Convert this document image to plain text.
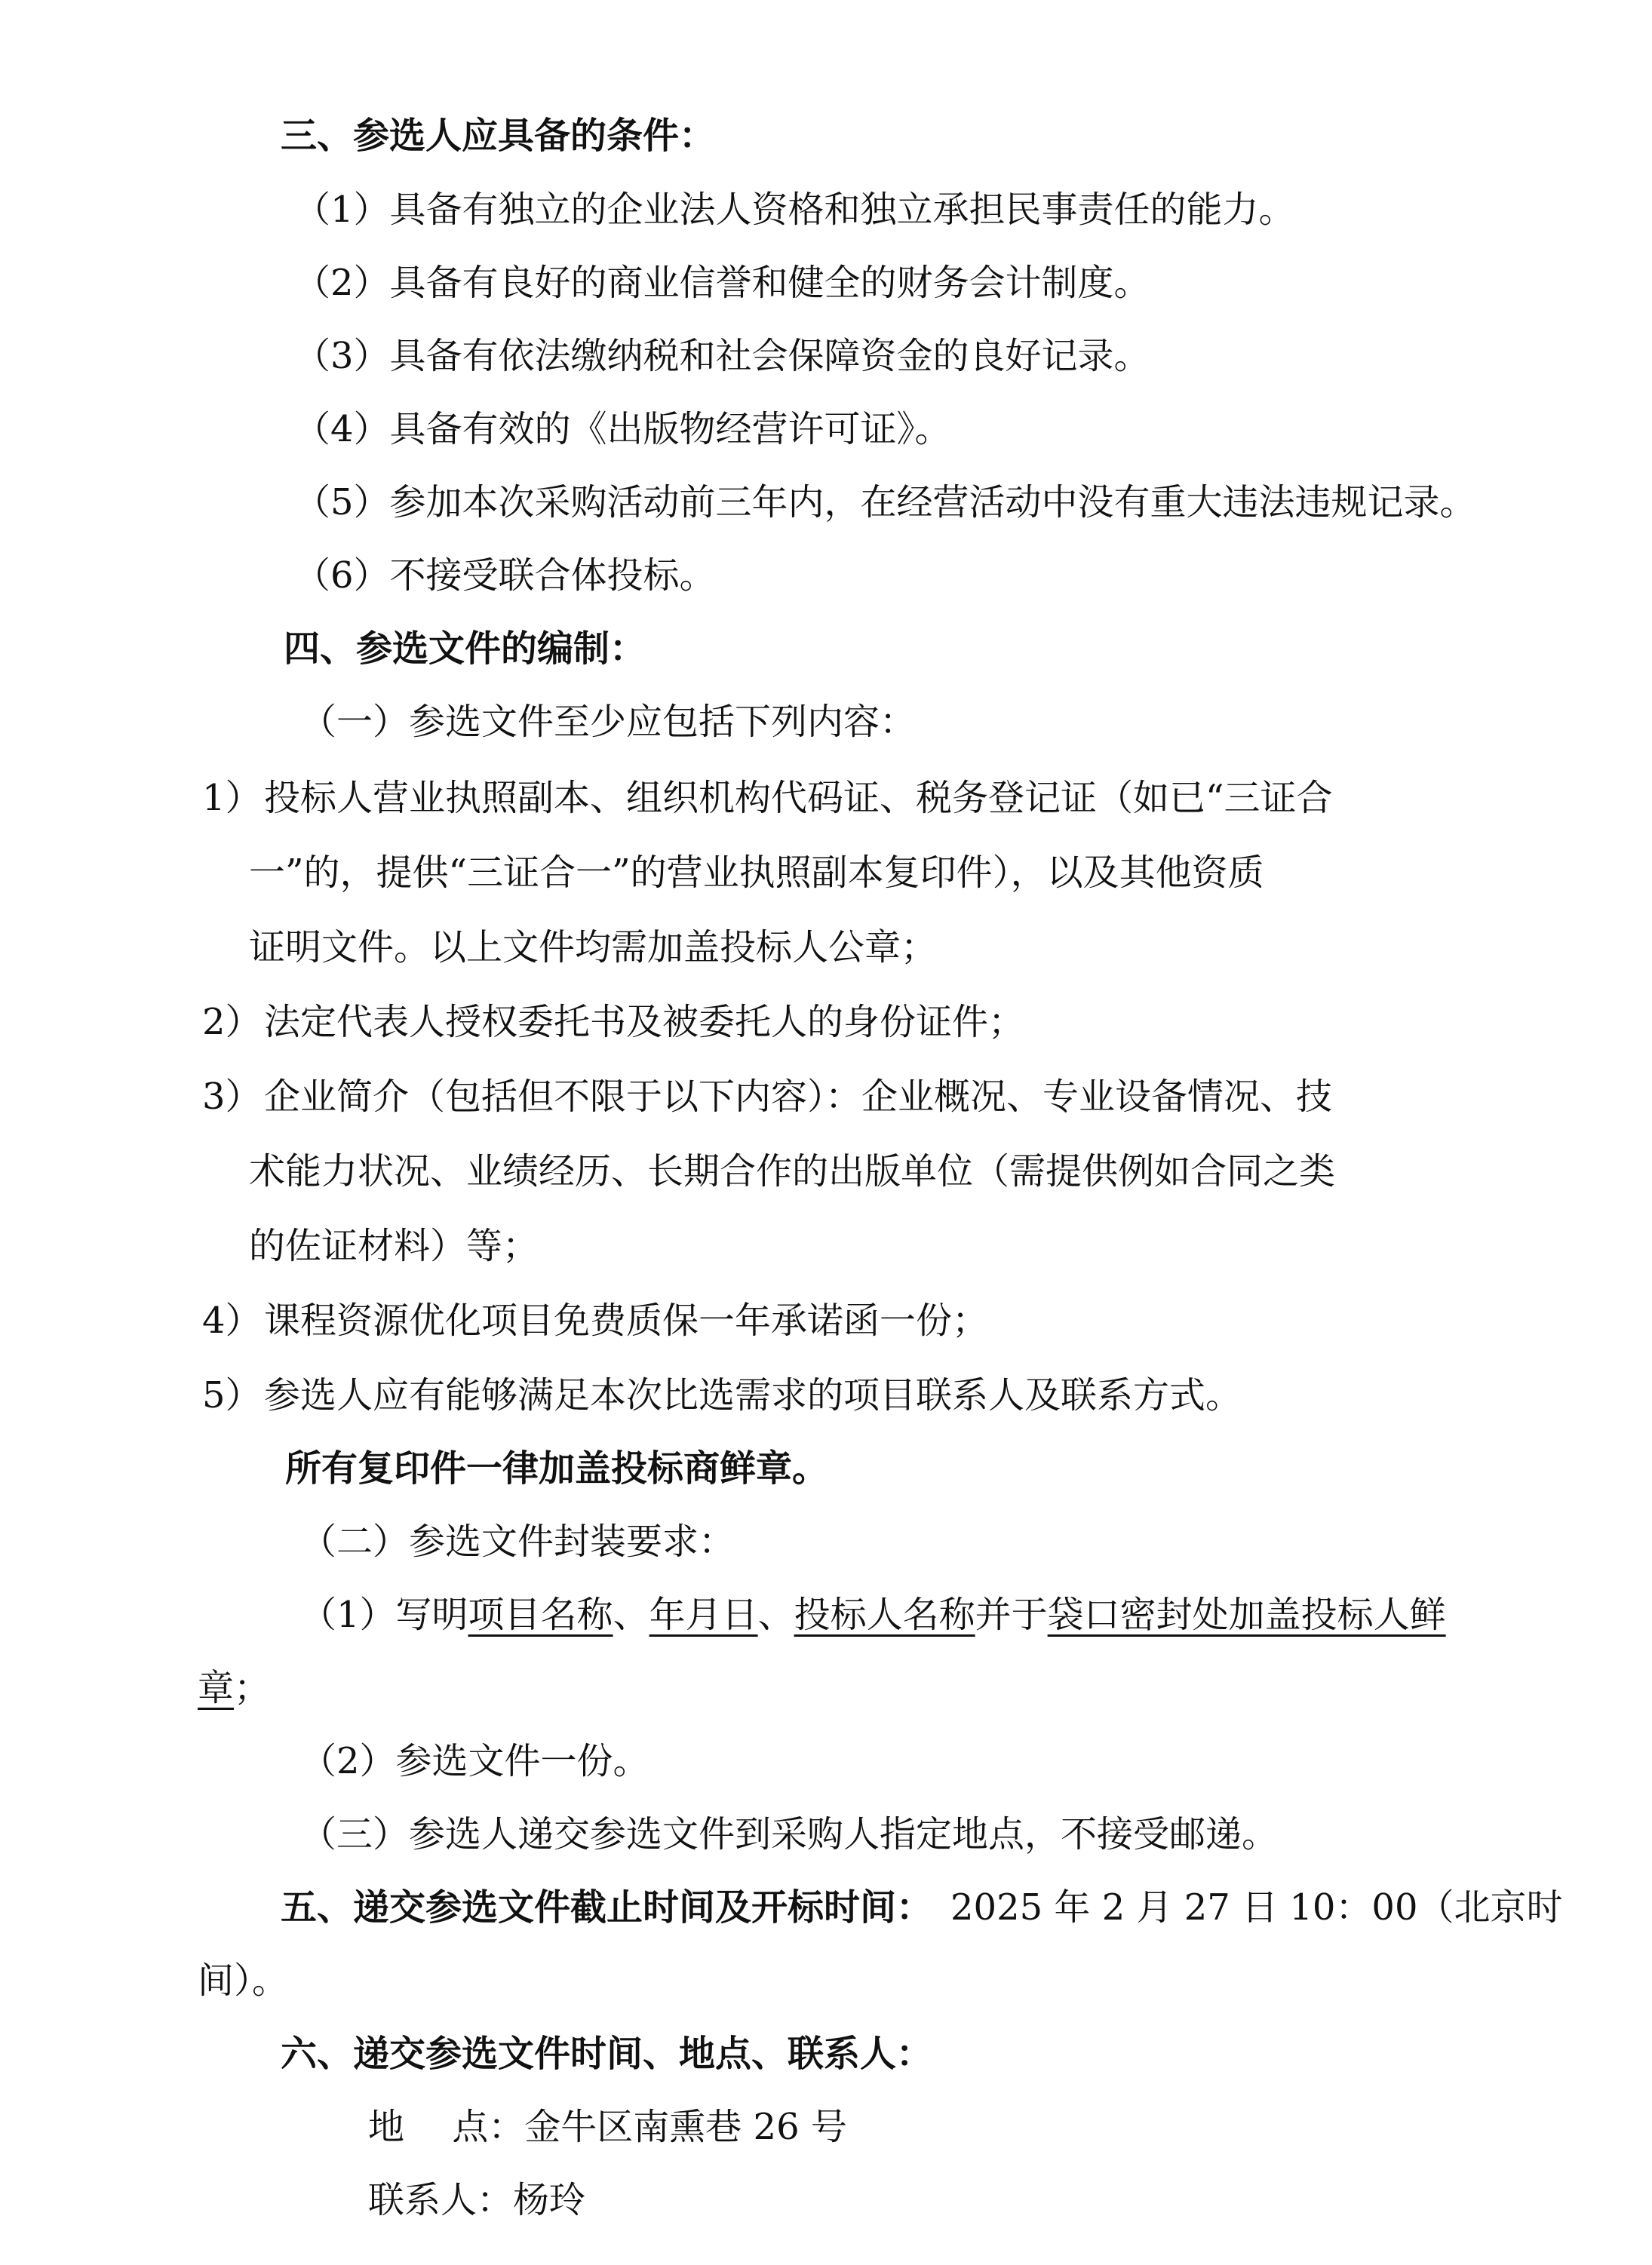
三、参选人应具备的条件：
（1）具备有独立的企业法人资格和独立承担民事责任的能力。
（2）具备有良好的商业信誉和健全的财务会计制度。
（3）具备有依法缴纳税和社会保障资金的良好记录。
（4）具备有效的《出版物经营许可证》。
（5）参加本次采购活动前三年内，在经营活动中没有重大违法违规记录。
（6）不接受联合体投标。
四、参选文件的编制：
（一）参选文件至少应包括下列内容：
1） 投标人营业执照副本、组织机构代码证、税务登记证（如已“三证合
一”的，提供“三证合一”的营业执照副本复印件），以及其他资质
证明文件。以上文件均需加盖投标人公章；
2） 法定代表人授权委托书及被委托人的身份证件；
3） 企业简介（包括但不限于以下内容）：企业概况、专业设备情况、技
术能力状况、业绩经历、长期合作的出版单位（需提供例如合同之类
的佐证材料）等；
4） 课程资源优化项目免费质保一年承诺函一份；
5） 参选人应有能够满足本次比选需求的项目联系人及联系方式。
所有复印件一律加盖投标商鲜章。
（二）参选文件封装要求：
（1）写明项目名称、年月日、投标人名称并于袋口密封处加盖投标人鲜
章；
（2）参选文件一份。
（三）参选人递交参选文件到采购人指定地点，不接受邮递。
五、递交参选文件截止时间及开标时间： 2025 年 2 月 27 日 10：00（北京时
间）。
六、递交参选文件时间、地点、联系人：
地　 点：金牛区南熏巷 26 号
联系人：杨玲
